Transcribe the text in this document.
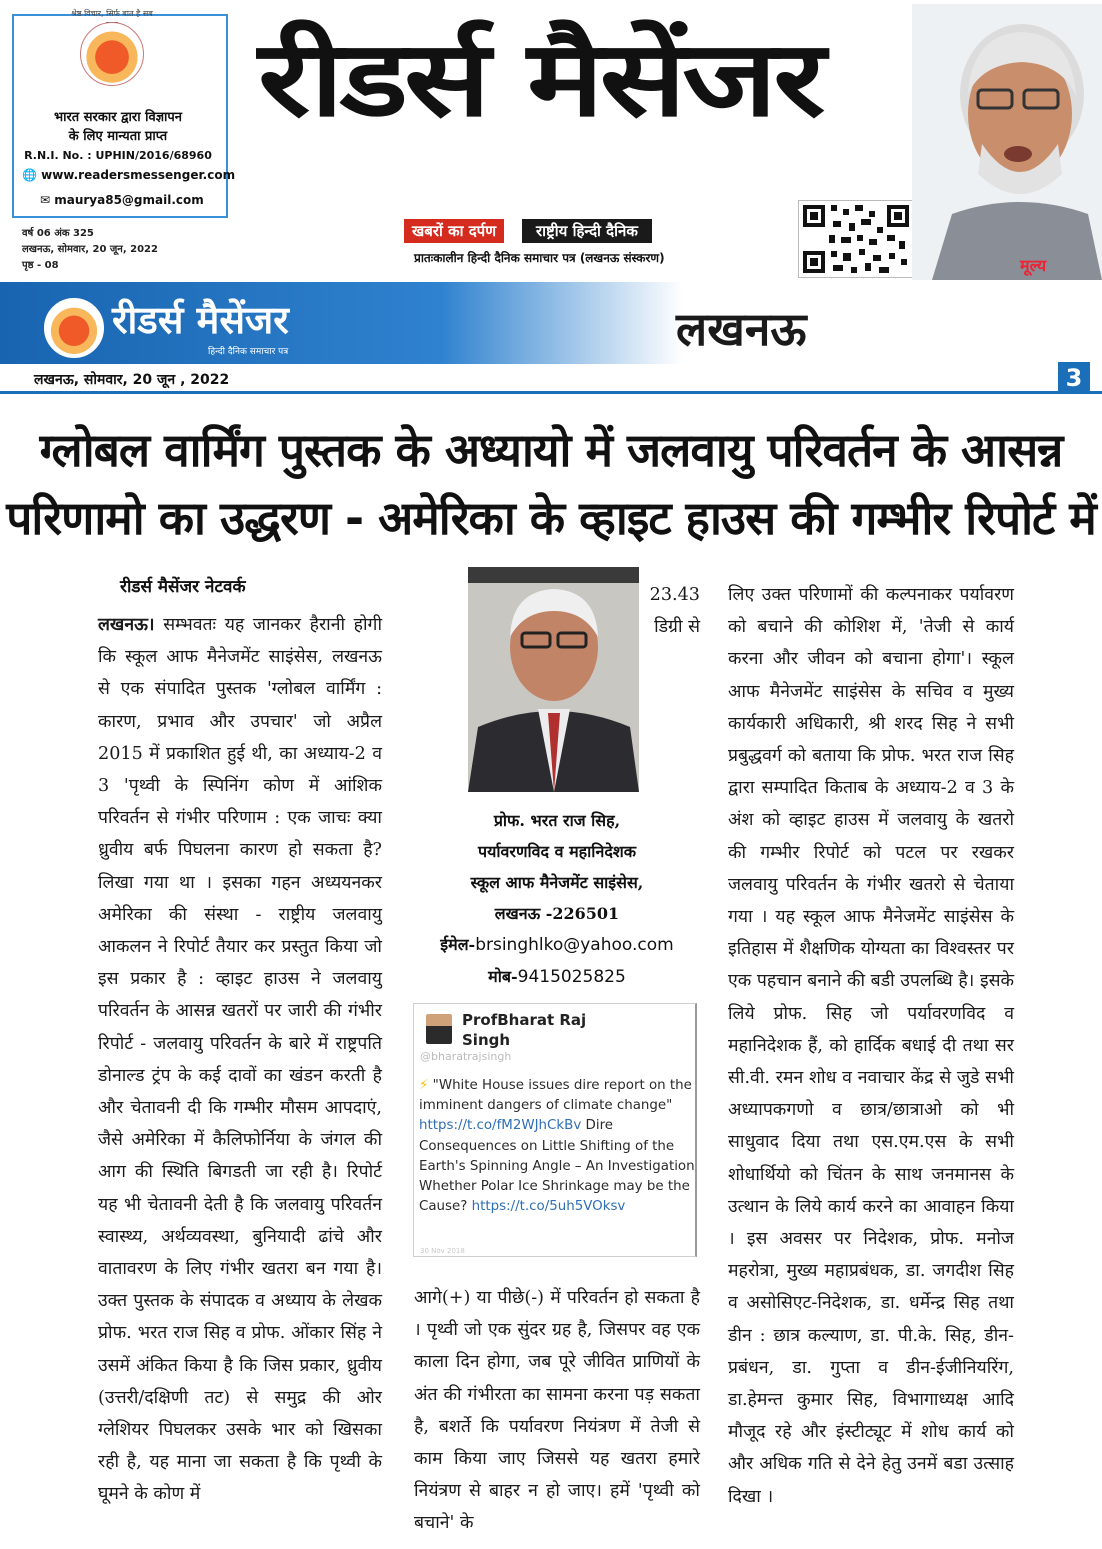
श्रेष्ठ विचार, सिर्फ बात है सब
भारत सरकार द्वारा विज्ञापन
के लिए मान्यता प्राप्त
R.N.I. No. : UPHIN/2016/68960
🌐 www.readersmessenger.com
✉ maurya85@gmail.com
वर्ष 06 अंक 325
लखनऊ, सोमवार, 20 जून, 2022
पृष्ठ - 08
रीडर्स मैसेंजर
खबरों का दर्पण	राष्ट्रीय हिन्दी दैनिक
प्रातःकालीन हिन्दी दैनिक समाचार पत्र (लखनऊ संस्करण)	मूल्य
रीडर्स मैसेंजर
हिन्दी दैनिक समाचार पत्र	लखनऊ
लखनऊ, सोमवार, 20 जून , 2022	3
ग्लोबल वार्मिंग पुस्तक के अध्यायो में जलवायु परिवर्तन के आसन्न
परिणामो का उद्धरण - अमेरिका के व्हाइट हाउस की गम्भीर रिपोर्ट में
रीडर्स मैसेंजर नेटवर्क

लखनऊ। सम्भवतः यह जानकर हैरानी होगी कि स्कूल आफ मैनेजमेंट साइंसेस, लखनऊ से एक संपादित पुस्तक 'ग्लोबल वार्मिंग : कारण, प्रभाव और उपचार' जो अप्रैल 2015 में प्रकाशित हुई थी, का अध्याय-2 व 3 'पृथ्वी के स्पिनिंग कोण में आंशिक परिवर्तन से गंभीर परिणाम : एक जाचः क्या ध्रुवीय बर्फ पिघलना कारण हो सकता है? लिखा गया था । इसका गहन अध्ययनकर अमेरिका की संस्था - राष्ट्रीय जलवायु आकलन ने रिपोर्ट तैयार कर प्रस्तुत किया जो इस प्रकार है : व्हाइट हाउस ने जलवायु परिवर्तन के आसन्न खतरों पर जारी की गंभीर रिपोर्ट - जलवायु परिवर्तन के बारे में राष्ट्रपति डोनाल्ड ट्रंप के कई दावों का खंडन करती है और चेतावनी दी कि गम्भीर मौसम आपदाएं, जैसे अमेरिका में कैलिफोर्निया के जंगल की आग की स्थिति बिगडती जा रही है। रिपोर्ट यह भी चेतावनी देती है कि जलवायु परिवर्तन स्वास्थ्य, अर्थव्यवस्था, बुनियादी ढांचे और वातावरण के लिए गंभीर खतरा बन गया है। उक्त पुस्तक के संपादक व अध्याय के लेखक प्रोफ. भरत राज सिह व प्रोफ. ओंकार सिंह ने उसमें अंकित किया है कि जिस प्रकार, ध्रुवीय (उत्तरी/दक्षिणी तट) से समुद्र की ओर ग्लेशियर पिघलकर उसके भार को खिसका रही है, यह माना जा सकता है कि पृथ्वी के घूमने के कोण में

23.43
डिग्री से
प्रोफ. भरत राज सिह,
पर्यावरणविद व महानिदेशक
स्कूल आफ मैनेजमेंट साइंसेस,
लखनऊ -226501
ईमेल-brsinghlko@yahoo.com
मोब-9415025825
ProfBharat Raj Singh
@bharatrajsingh
⚡ "White House issues dire report on the imminent dangers of climate change" https://t.co/fM2WJhCkBv Dire Consequences on Little Shifting of the Earth's Spinning Angle – An Investigation Whether Polar Ice Shrinkage may be the Cause? https://t.co/5uh5VOksv
30 Nov 2018

आगे(+) या पीछे(-) में परिवर्तन हो सकता है । पृथ्वी जो एक सुंदर ग्रह है, जिसपर वह एक काला दिन होगा, जब पूरे जीवित प्राणियों के अंत की गंभीरता का सामना करना पड़ सकता है, बशर्ते कि पर्यावरण नियंत्रण में तेजी से काम किया जाए जिससे यह खतरा हमारे नियंत्रण से बाहर न हो जाए। हमें 'पृथ्वी को बचाने' के

लिए उक्त परिणामों की कल्पनाकर पर्यावरण को बचाने की कोशिश में, 'तेजी से कार्य करना और जीवन को बचाना होगा'। स्कूल आफ मैनेजमेंट साइंसेस के सचिव व मुख्य कार्यकारी अधिकारी, श्री शरद सिह ने सभी प्रबुद्धवर्ग को बताया कि प्रोफ. भरत राज सिह द्वारा सम्पादित किताब के अध्याय-2 व 3 के अंश को व्हाइट हाउस में जलवायु के खतरो की गम्भीर रिपोर्ट को पटल पर रखकर जलवायु परिवर्तन के गंभीर खतरो से चेताया गया । यह स्कूल आफ मैनेजमेंट साइंसेस के इतिहास में शैक्षणिक योग्यता का विश्वस्तर पर एक पहचान बनाने की बडी उपलब्धि है। इसके लिये प्रोफ. सिह जो पर्यावरणविद व महानिदेशक हैं, को हार्दिक बधाई दी तथा सर सी.वी. रमन शोध व नवाचार केंद्र से जुडे सभी अध्यापकगणो व छात्र/छात्राओ को भी साधुवाद दिया तथा एस.एम.एस के सभी शोधार्थियो को चिंतन के साथ जनमानस के उत्थान के लिये कार्य करने का आवाहन किया । इस अवसर पर निदेशक, प्रोफ. मनोज महरोत्रा, मुख्य महाप्रबंधक, डा. जगदीश सिह व असोसिएट-निदेशक, डा. धर्मेन्द्र सिह तथा डीन : छात्र कल्याण, डा. पी.के. सिह, डीन-प्रबंधन, डा. गुप्ता व डीन-ईजीनियरिंग, डा.हेमन्त कुमार सिह, विभागाध्यक्ष आदि मौजूद रहे और इंस्टीट्यूट में शोध कार्य को और अधिक गति से देने हेतु उनमें बडा उत्साह दिखा ।
